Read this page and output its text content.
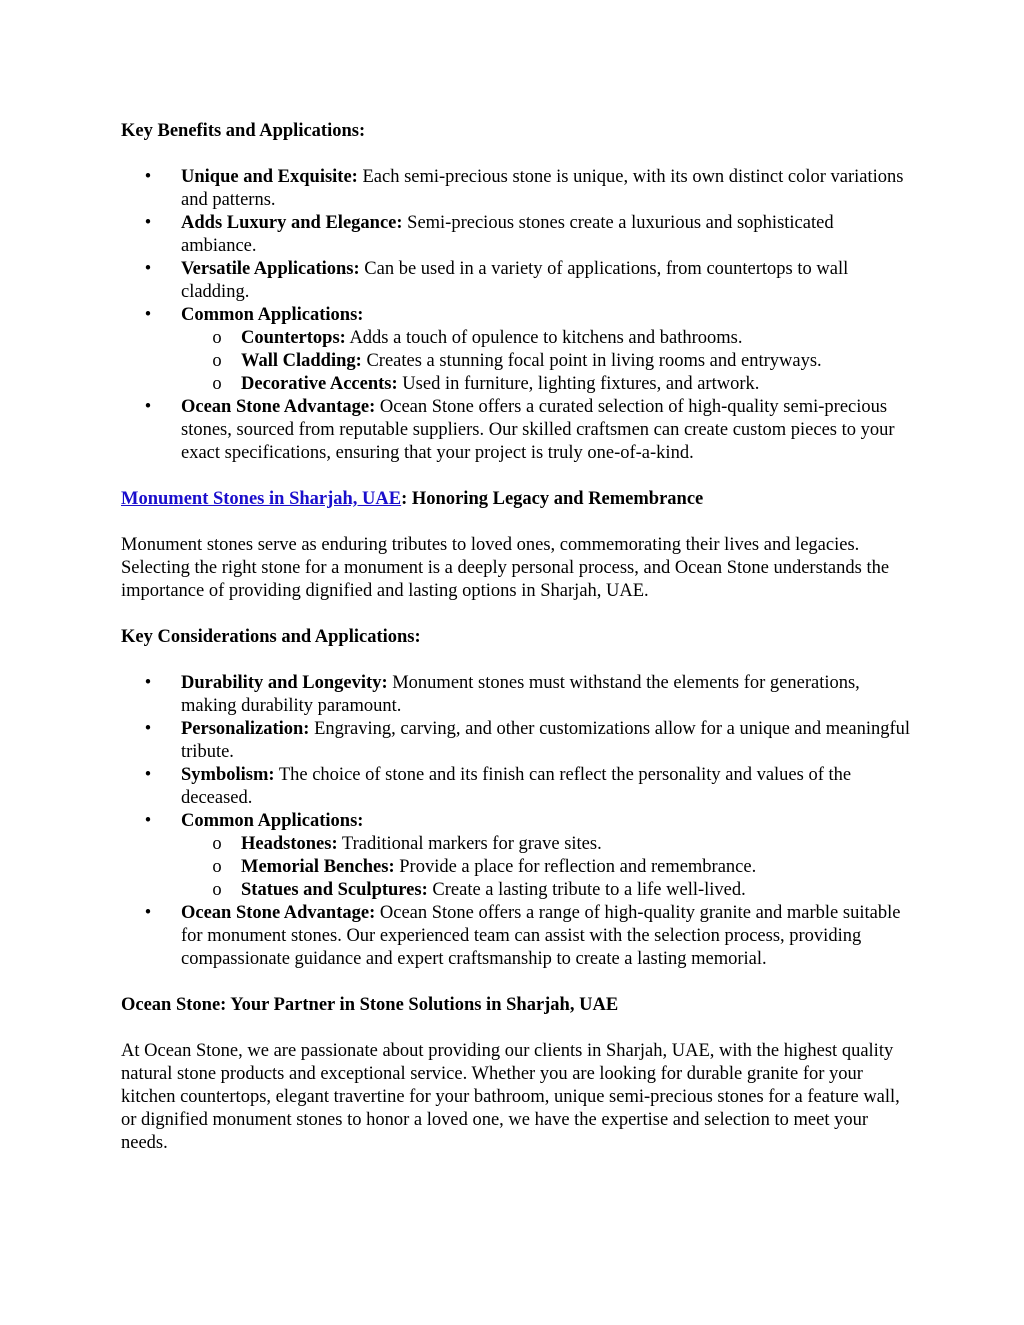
Key Benefits and Applications:
• Unique and Exquisite: Each semi-precious stone is unique, with its own distinct color variations and patterns.
• Adds Luxury and Elegance: Semi-precious stones create a luxurious and sophisticated ambiance.
• Versatile Applications: Can be used in a variety of applications, from countertops to wall cladding.
• Common Applications:
o Countertops: Adds a touch of opulence to kitchens and bathrooms.
o Wall Cladding: Creates a stunning focal point in living rooms and entryways.
o Decorative Accents: Used in furniture, lighting fixtures, and artwork.
• Ocean Stone Advantage: Ocean Stone offers a curated selection of high-quality semi-precious stones, sourced from reputable suppliers. Our skilled craftsmen can create custom pieces to your exact specifications, ensuring that your project is truly one-of-a-kind.
Monument Stones in Sharjah, UAE: Honoring Legacy and Remembrance

Monument stones serve as enduring tributes to loved ones, commemorating their lives and legacies. Selecting the right stone for a monument is a deeply personal process, and Ocean Stone understands the importance of providing dignified and lasting options in Sharjah, UAE.

Key Considerations and Applications:
• Durability and Longevity: Monument stones must withstand the elements for generations, making durability paramount.
• Personalization: Engraving, carving, and other customizations allow for a unique and meaningful tribute.
• Symbolism: The choice of stone and its finish can reflect the personality and values of the deceased.
• Common Applications:
o Headstones: Traditional markers for grave sites.
o Memorial Benches: Provide a place for reflection and remembrance.
o Statues and Sculptures: Create a lasting tribute to a life well-lived.
• Ocean Stone Advantage: Ocean Stone offers a range of high-quality granite and marble suitable for monument stones. Our experienced team can assist with the selection process, providing compassionate guidance and expert craftsmanship to create a lasting memorial.
Ocean Stone: Your Partner in Stone Solutions in Sharjah, UAE

At Ocean Stone, we are passionate about providing our clients in Sharjah, UAE, with the highest quality natural stone products and exceptional service. Whether you are looking for durable granite for your kitchen countertops, elegant travertine for your bathroom, unique semi-precious stones for a feature wall, or dignified monument stones to honor a loved one, we have the expertise and selection to meet your needs.
